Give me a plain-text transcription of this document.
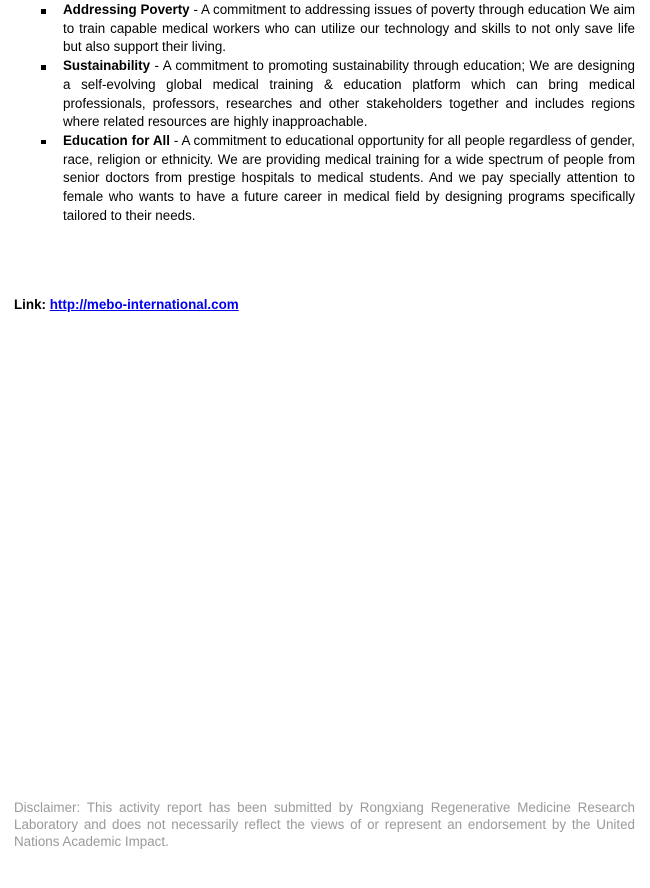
Addressing Poverty - A commitment to addressing issues of poverty through education We aim to train capable medical workers who can utilize our technology and skills to not only save life but also support their living.
Sustainability - A commitment to promoting sustainability through education; We are designing a self-evolving global medical training & education platform which can bring medical professionals, professors, researches and other stakeholders together and includes regions where related resources are highly inapproachable.
Education for All - A commitment to educational opportunity for all people regardless of gender, race, religion or ethnicity. We are providing medical training for a wide spectrum of people from senior doctors from prestige hospitals to medical students. And we pay specially attention to female who wants to have a future career in medical field by designing programs specifically tailored to their needs.

Link: http://mebo-international.com

Disclaimer: This activity report has been submitted by Rongxiang Regenerative Medicine Research Laboratory and does not necessarily reflect the views of or represent an endorsement by the United Nations Academic Impact.
